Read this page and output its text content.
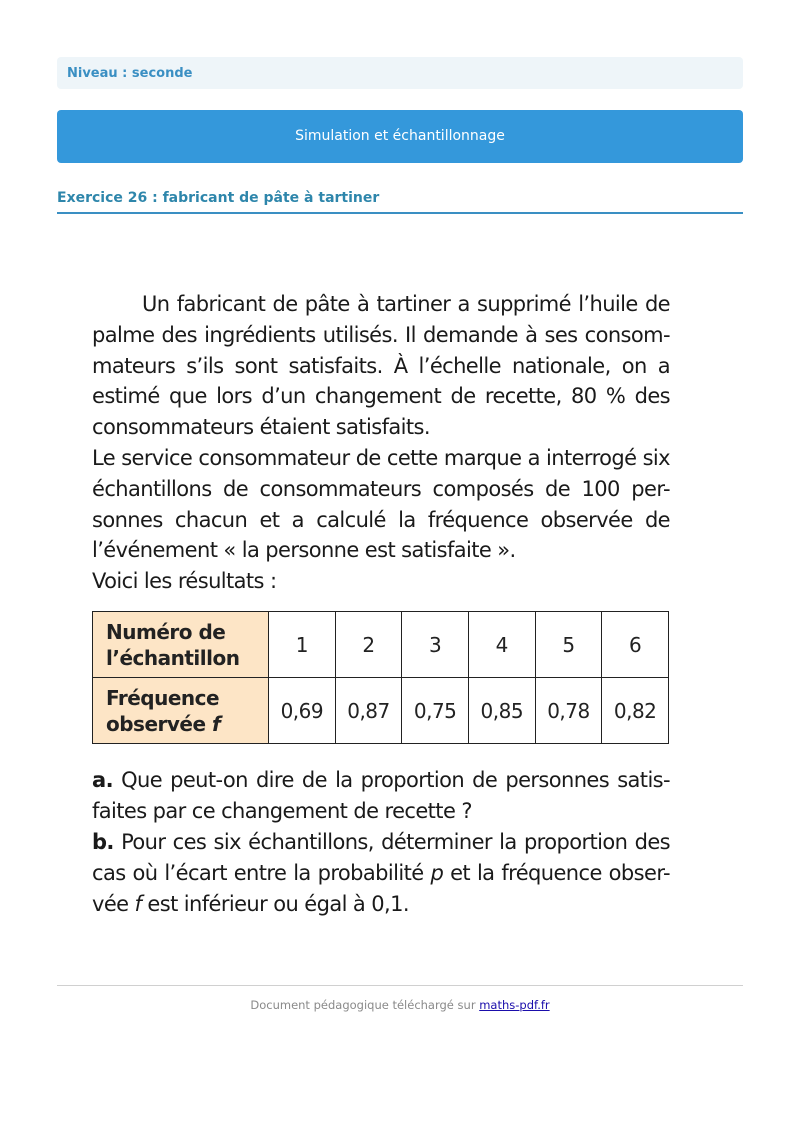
Niveau : seconde
Simulation et échantillonnage
Exercice 26 : fabricant de pâte à tartiner

Un fabricant de pâte à tartiner a supprimé l’huile de

palme des ingrédients utilisés. Il demande à ses consom-

mateurs s’ils sont satisfaits. À l’échelle nationale, on a

estimé que lors d’un changement de recette, 80 % des

consommateurs étaient satisfaits.

Le service consommateur de cette marque a interrogé six

échantillons de consommateurs composés de 100 per-

sonnes chacun et a calculé la fréquence observée de

l’événement « la personne est satisfaite ».

Voici les résultats :

Numéro de
l’échantillon	1	2	3	4	5	6
Fréquence
observée f	0,69	0,87	0,75	0,85	0,78	0,82

a. Que peut-on dire de la proportion de personnes satis-

faites par ce changement de recette ?

b. Pour ces six échantillons, déterminer la proportion des

cas où l’écart entre la probabilité p et la fréquence obser-

vée f est inférieur ou égal à 0,1.

Document pédagogique téléchargé sur maths-pdf.fr
